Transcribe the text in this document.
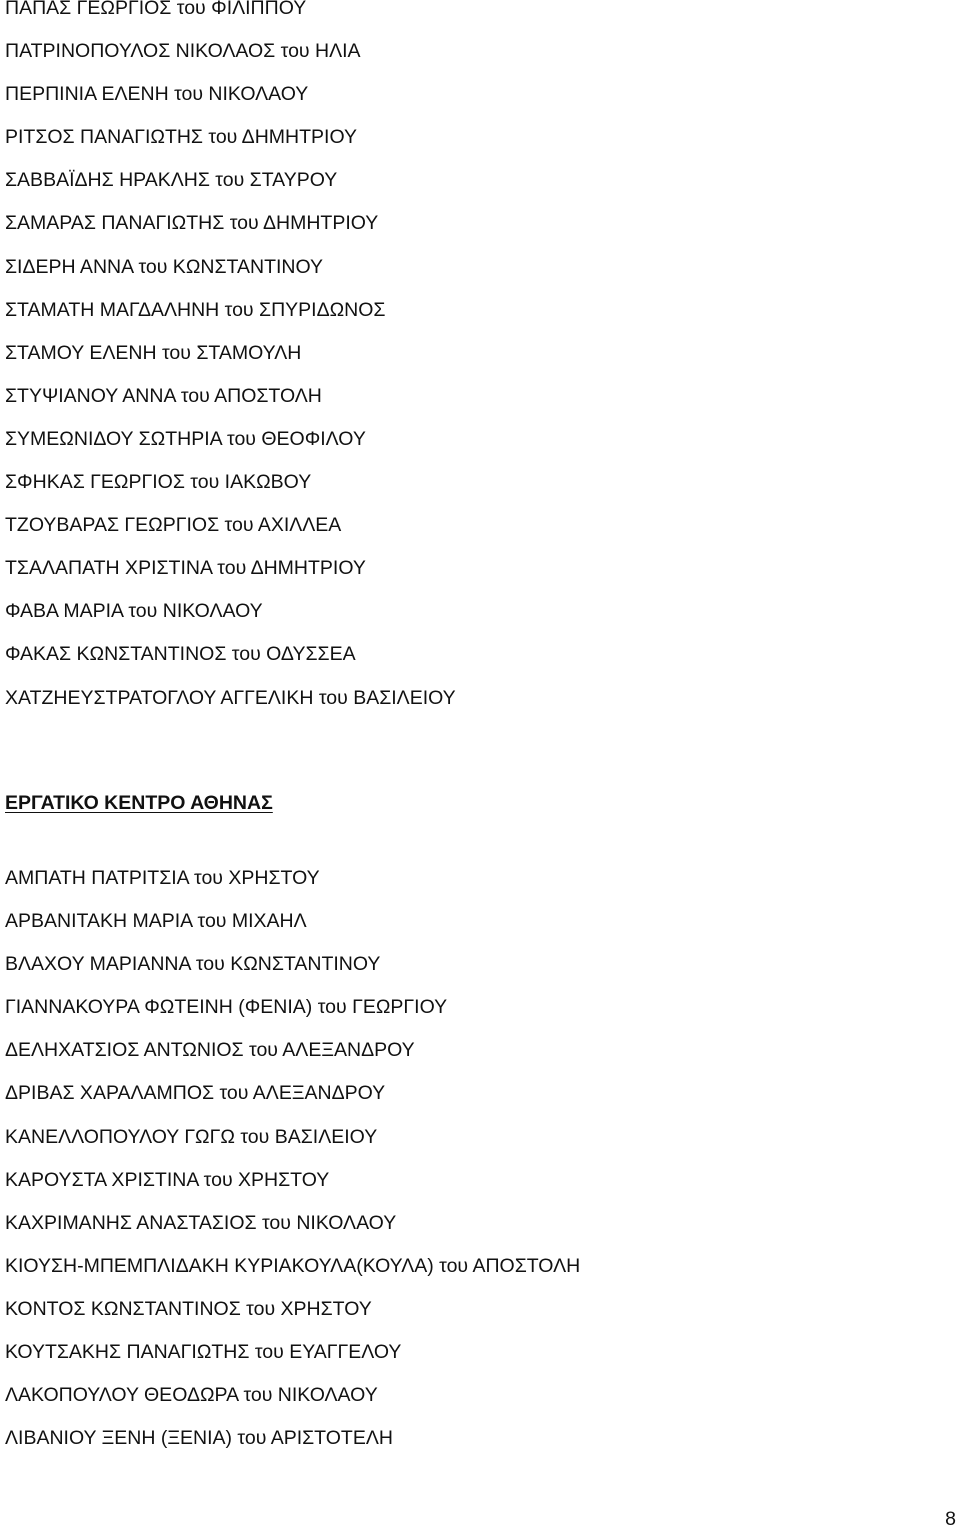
ΠΑΠΑΣ ΓΕΩΡΓΙΟΣ του ΦΙΛΙΠΠΟΥ
ΠΑΤΡΙΝΟΠΟΥΛΟΣ ΝΙΚΟΛΑΟΣ του ΗΛΙΑ
ΠΕΡΠΙΝΙΑ ΕΛΕΝΗ του ΝΙΚΟΛΑΟΥ
ΡΙΤΣΟΣ ΠΑΝΑΓΙΩΤΗΣ του ΔΗΜΗΤΡΙΟΥ
ΣΑΒΒΑΪΔΗΣ ΗΡΑΚΛΗΣ του ΣΤΑΥΡΟΥ
ΣΑΜΑΡΑΣ ΠΑΝΑΓΙΩΤΗΣ του ΔΗΜΗΤΡΙΟΥ
ΣΙΔΕΡΗ ΑΝΝΑ του ΚΩΝΣΤΑΝΤΙΝΟΥ
ΣΤΑΜΑΤΗ ΜΑΓΔΑΛΗΝΗ του ΣΠΥΡΙΔΩΝΟΣ
ΣΤΑΜΟΥ ΕΛΕΝΗ του ΣΤΑΜΟΥΛΗ
ΣΤΥΨΙΑΝΟΥ ΑΝΝΑ του ΑΠΟΣΤΟΛΗ
ΣΥΜΕΩΝΙΔΟΥ ΣΩΤΗΡΙΑ του ΘΕΟΦΙΛΟΥ
ΣΦΗΚΑΣ ΓΕΩΡΓΙΟΣ του ΙΑΚΩΒΟΥ
ΤΖΟΥΒΑΡΑΣ ΓΕΩΡΓΙΟΣ του ΑΧΙΛΛΕΑ
ΤΣΑΛΑΠΑΤΗ ΧΡΙΣΤΙΝΑ του ΔΗΜΗΤΡΙΟΥ
ΦΑΒΑ ΜΑΡΙΑ του ΝΙΚΟΛΑΟΥ
ΦΑΚΑΣ ΚΩΝΣΤΑΝΤΙΝΟΣ του ΟΔΥΣΣΕΑ
ΧΑΤΖΗΕΥΣΤΡΑΤΟΓΛΟΥ ΑΓΓΕΛΙΚΗ του ΒΑΣΙΛΕΙΟΥ
ΕΡΓΑΤΙΚΟ ΚΕΝΤΡΟ ΑΘΗΝΑΣ
ΑΜΠΑΤΗ ΠΑΤΡΙΤΣΙΑ του ΧΡΗΣΤΟΥ
ΑΡΒΑΝΙΤΑΚΗ ΜΑΡΙΑ του ΜΙΧΑΗΛ
ΒΛΑΧΟΥ ΜΑΡΙΑΝΝΑ του ΚΩΝΣΤΑΝΤΙΝΟΥ
ΓΙΑΝΝΑΚΟΥΡΑ ΦΩΤΕΙΝΗ (ΦΕΝΙΑ) του ΓΕΩΡΓΙΟΥ
ΔΕΛΗΧΑΤΣΙΟΣ ΑΝΤΩΝΙΟΣ του ΑΛΕΞΑΝΔΡΟΥ
ΔΡΙΒΑΣ ΧΑΡΑΛΑΜΠΟΣ του ΑΛΕΞΑΝΔΡΟΥ
ΚΑΝΕΛΛΟΠΟΥΛΟΥ ΓΩΓΩ του ΒΑΣΙΛΕΙΟΥ
ΚΑΡΟΥΣΤΑ ΧΡΙΣΤΙΝΑ του ΧΡΗΣΤΟΥ
ΚΑΧΡΙΜΑΝΗΣ ΑΝΑΣΤΑΣΙΟΣ του ΝΙΚΟΛΑΟΥ
ΚΙΟΥΣΗ-ΜΠΕΜΠΛΙΔΑΚΗ ΚΥΡΙΑΚΟΥΛΑ(ΚΟΥΛΑ) του ΑΠΟΣΤΟΛΗ
ΚΟΝΤΟΣ ΚΩΝΣΤΑΝΤΙΝΟΣ του ΧΡΗΣΤΟΥ
ΚΟΥΤΣΑΚΗΣ ΠΑΝΑΓΙΩΤΗΣ του ΕΥΑΓΓΕΛΟΥ
ΛΑΚΟΠΟΥΛΟΥ ΘΕΟΔΩΡΑ του ΝΙΚΟΛΑΟΥ
ΛΙΒΑΝΙΟΥ ΞΕΝΗ (ΞΕΝΙΑ) του ΑΡΙΣΤΟΤΕΛΗ
8
